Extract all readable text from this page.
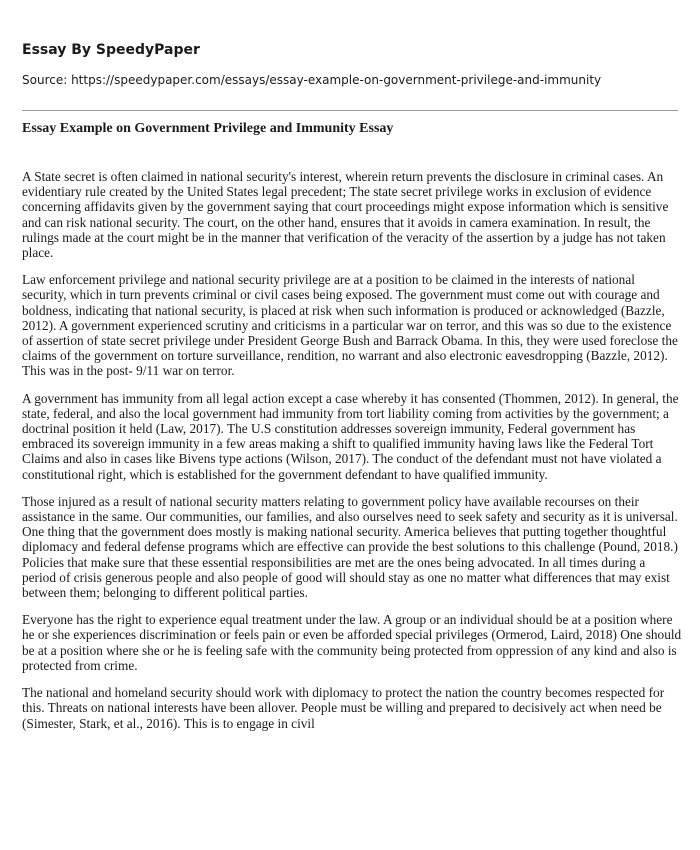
Essay By SpeedyPaper
Source: https://speedypaper.com/essays/essay-example-on-government-privilege-and-immunity
Essay Example on Government Privilege and Immunity Essay

A State secret is often claimed in national security's interest, wherein return prevents the disclosure in criminal cases. An evidentiary rule created by the United States legal precedent; The state secret privilege works in exclusion of evidence concerning affidavits given by the government saying that court proceedings might expose information which is sensitive and can risk national security. The court, on the other hand, ensures that it avoids in camera examination. In result, the rulings made at the court might be in the manner that verification of the veracity of the assertion by a judge has not taken place.

Law enforcement privilege and national security privilege are at a position to be claimed in the interests of national security, which in turn prevents criminal or civil cases being exposed. The government must come out with courage and boldness, indicating that national security, is placed at risk when such information is produced or acknowledged (Bazzle, 2012). A government experienced scrutiny and criticisms in a particular war on terror, and this was so due to the existence of assertion of state secret privilege under President George Bush and Barrack Obama. In this, they were used foreclose the claims of the government on torture surveillance, rendition, no warrant and also electronic eavesdropping (Bazzle, 2012). This was in the post- 9/11 war on terror.

A government has immunity from all legal action except a case whereby it has consented (Thommen, 2012). In general, the state, federal, and also the local government had immunity from tort liability coming from activities by the government; a doctrinal position it held (Law, 2017). The U.S constitution addresses sovereign immunity, Federal government has embraced its sovereign immunity in a few areas making a shift to qualified immunity having laws like the Federal Tort Claims and also in cases like Bivens type actions (Wilson, 2017). The conduct of the defendant must not have violated a constitutional right, which is established for the government defendant to have qualified immunity.

Those injured as a result of national security matters relating to government policy have available recourses on their assistance in the same. Our communities, our families, and also ourselves need to seek safety and security as it is universal. One thing that the government does mostly is making national security. America believes that putting together thoughtful diplomacy and federal defense programs which are effective can provide the best solutions to this challenge (Pound, 2018.) Policies that make sure that these essential responsibilities are met are the ones being advocated. In all times during a period of crisis generous people and also people of good will should stay as one no matter what differences that may exist between them; belonging to different political parties.

Everyone has the right to experience equal treatment under the law. A group or an individual should be at a position where he or she experiences discrimination or feels pain or even be afforded special privileges (Ormerod, Laird, 2018) One should be at a position where she or he is feeling safe with the community being protected from oppression of any kind and also is protected from crime.

The national and homeland security should work with diplomacy to protect the nation the country becomes respected for this. Threats on national interests have been allover. People must be willing and prepared to decisively act when need be (Simester, Stark, et al., 2016). This is to engage in civil
